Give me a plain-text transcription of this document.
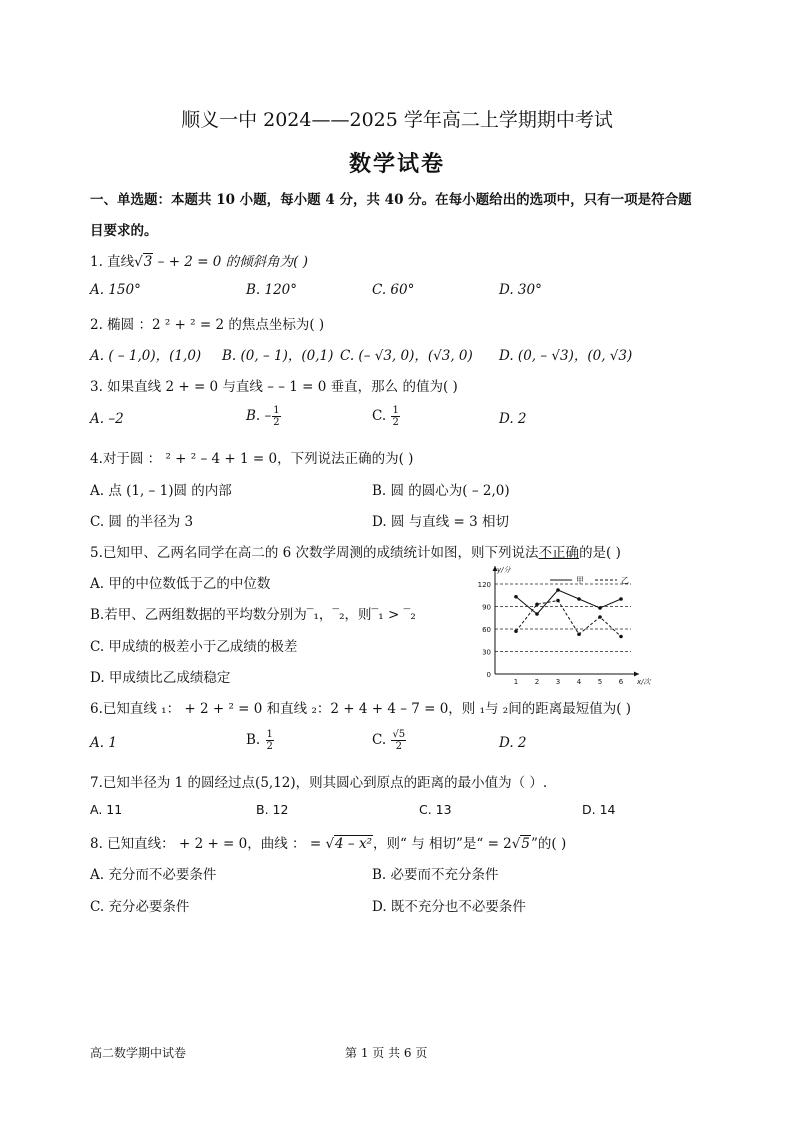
顺义一中 2024——2025 学年高二上学期期中考试
数学试卷
一、单选题：本题共 10 小题，每小题 4 分，共 40 分。在每小题给出的选项中，只有一项是符合题
目要求的。
1. 直线√3 – + 2 = 0 的倾斜角为( )
A. 150°	B. 120°	C. 60°	D. 30°
2. 椭圆 ：2 ² + ² = 2 的焦点坐标为( )
A. ( – 1,0)，(1,0) B. (0, – 1)，(0,1) C. (– √3, 0)，(√3, 0) D. (0, – √3)，(0, √3)
3. 如果直线 2 + = 0 与直线 – – 1 = 0 垂直，那么 的值为( )
A. –2	B. – $\frac{1}{2}$	C. $\frac{1}{2}$	D. 2
4.对于圆 ： ² + ² – 4 + 1 = 0，下列说法正确的为( )
A. 点 (1, – 1)圆 的内部	B. 圆 的圆心为( – 2,0)
C. 圆 的半径为 3	D. 圆 与直线 = 3 相切
5.已知甲、乙两名同学在高二的 6 次数学周测的成绩统计如图，则下列说法不正确的是( )
A. 甲的中位数低于乙的中位数
B.若甲、乙两组数据的平均数分别为‾₁，‾₂，则‾₁ > ‾₂
C. 甲成绩的极差小于乙成绩的极差
D. 甲成绩比乙成绩稳定	0
30
60
90
120
1 2 3 4 5 6
y/分
x/次
甲	乙
6.已知直线 ₁： + 2 + ² = 0 和直线 ₂：2 + 4 + 4 – 7 = 0，则 ₁与 ₂间的距离最短值为( )
A. 1	B. $\frac{1}{2}$	C. $\frac{√5}{2}$	D. 2
7.已知半径为 1 的圆经过点(5,12)，则其圆心到原点的距离的最小值为（ ）.
A. 11	B. 12	C. 13	D. 14
8. 已知直线： + 2 + = 0，曲线 ： = √4 – x²，则“ 与 相切”是“ = 2√5”的( )
A. 充分而不必要条件	B. 必要而不充分条件
C. 充分必要条件	D. 既不充分也不必要条件
高二数学期中试卷	第 1 页 共 6 页
